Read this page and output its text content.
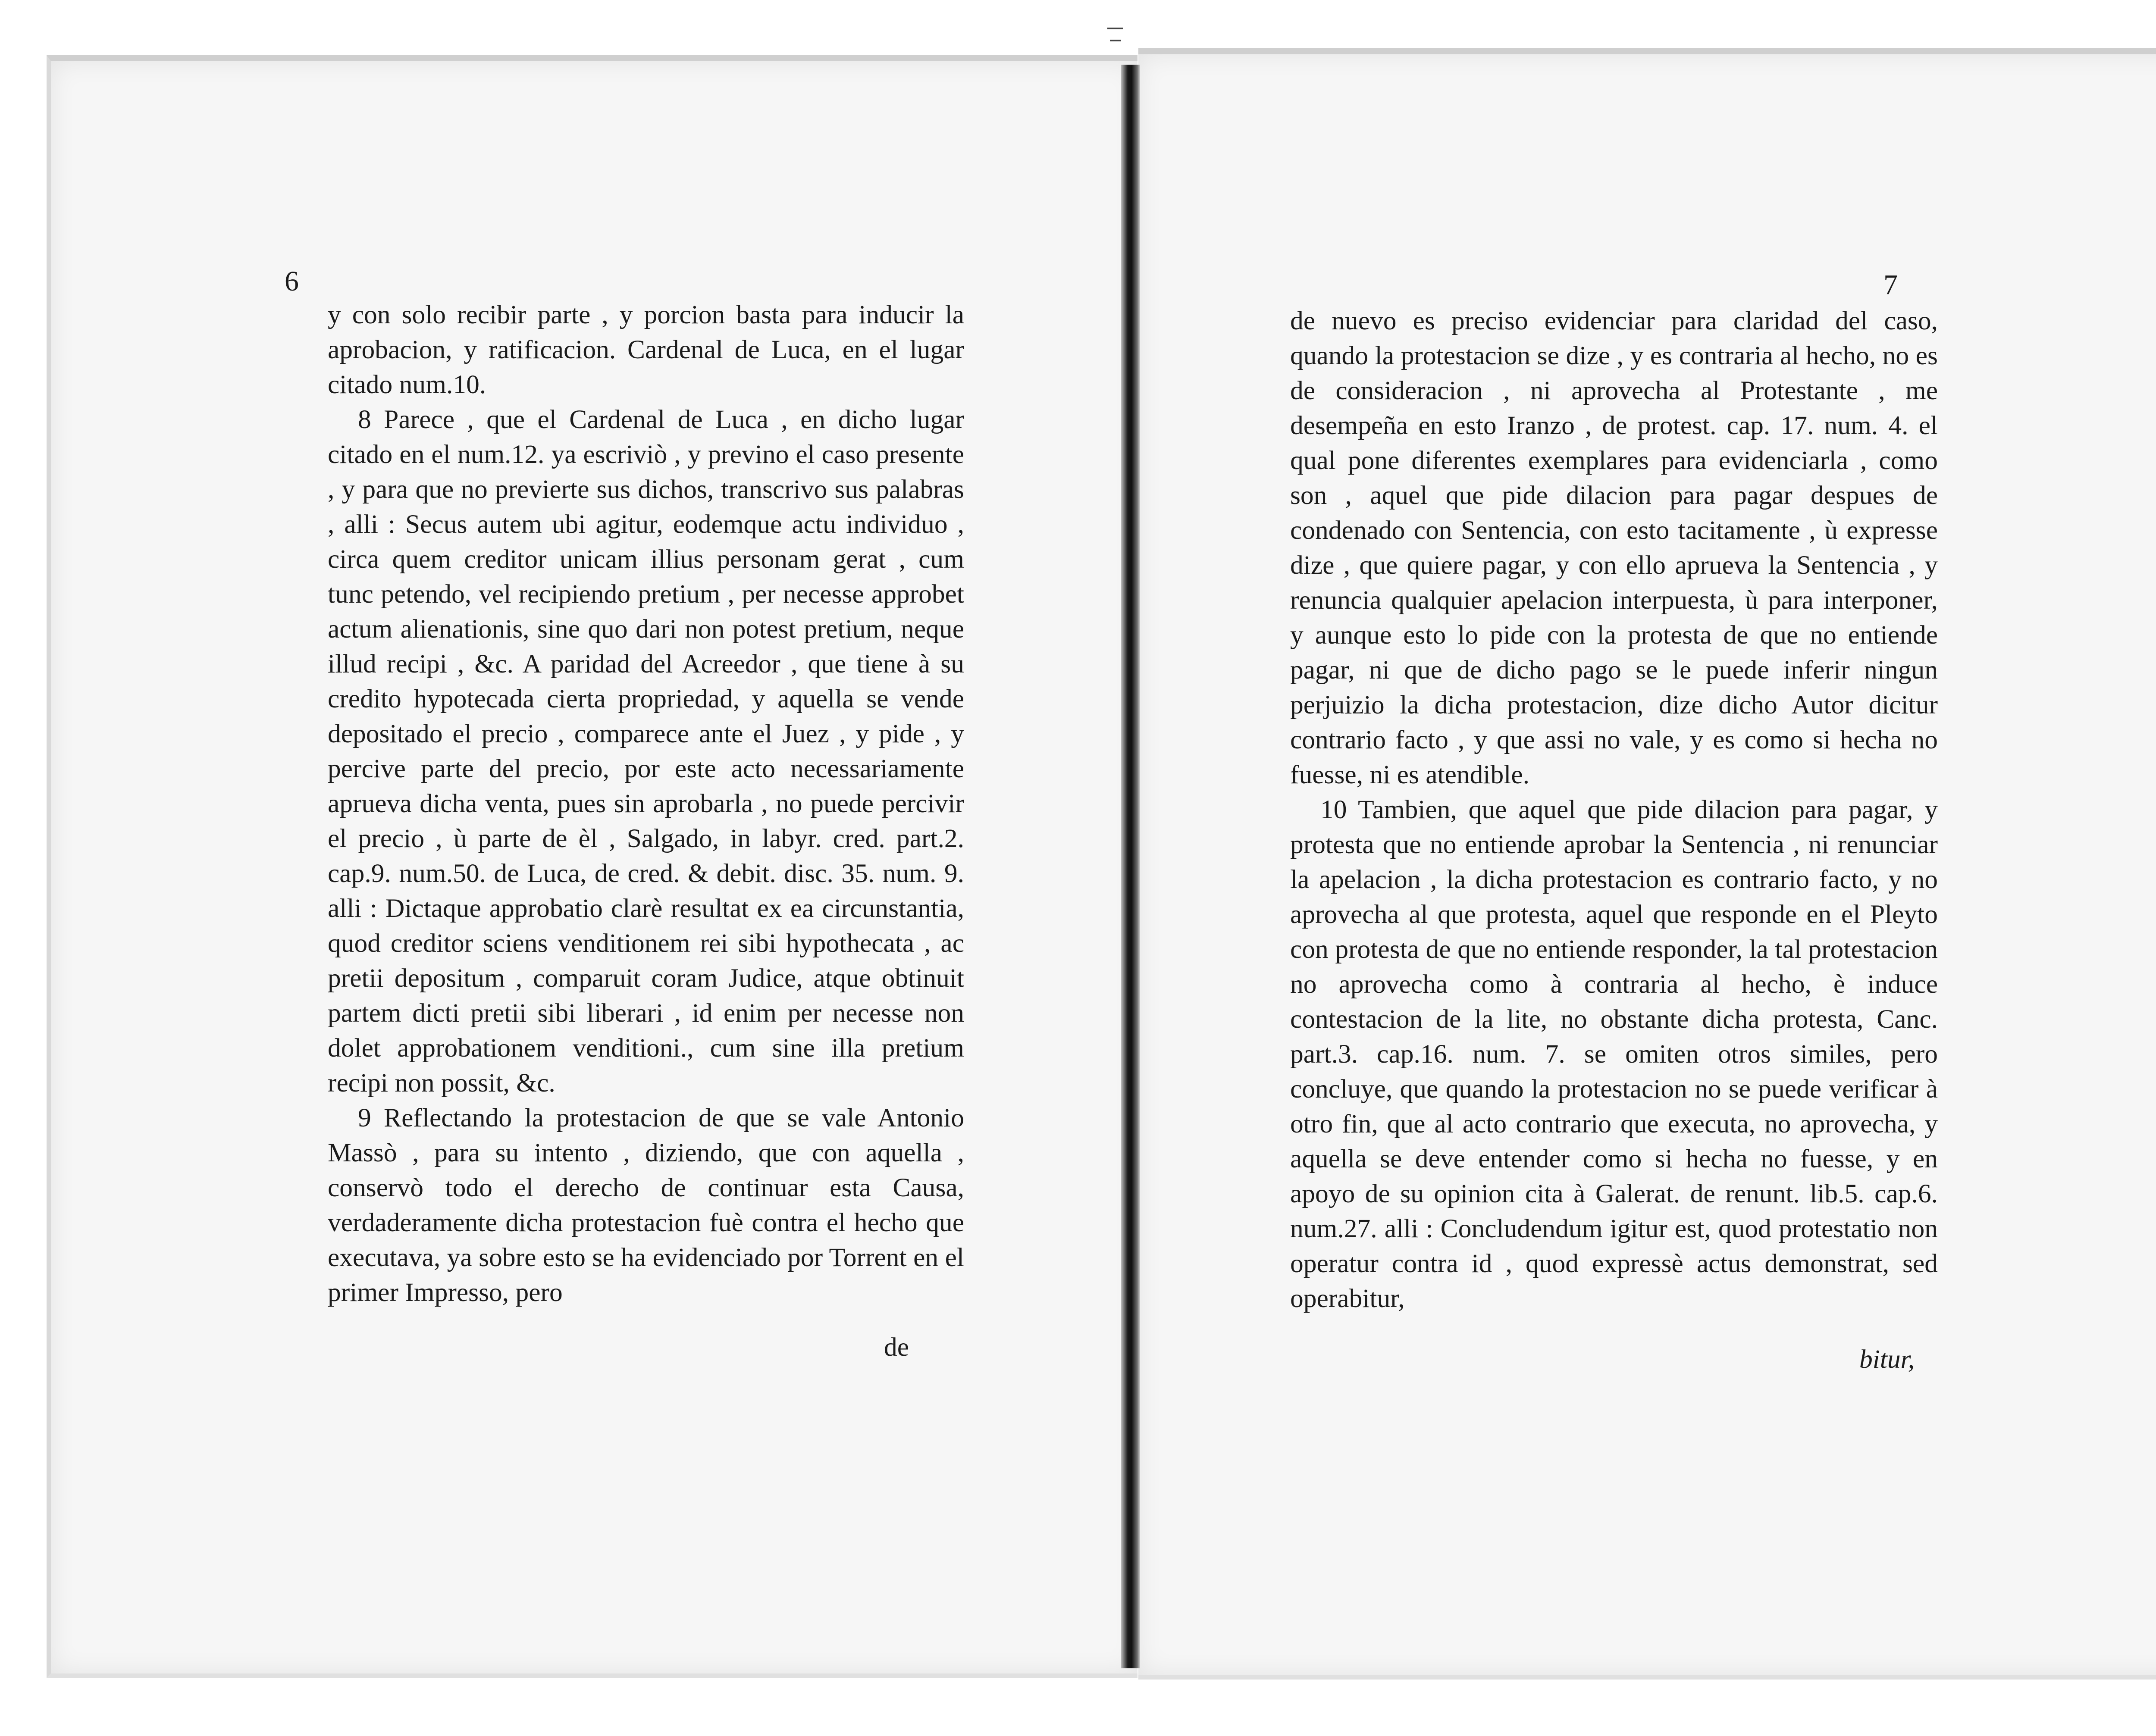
6

y con solo recibir parte , y porcion basta para inducir la aprobacion, y ratificacion. Cardenal de Luca, en el lugar citado num.10.

8 Parece , que el Cardenal de Luca , en dicho lugar citado en el num.12. ya escriviò , y previno el caso presente , y para que no previerte sus dichos, transcrivo sus palabras , alli : Secus autem ubi agitur, eodemque actu individuo , circa quem creditor unicam illius personam gerat , cum tunc petendo, vel recipiendo pretium , per necesse approbet actum alienationis, sine quo dari non potest pretium, neque illud recipi , &c. A paridad del Acreedor , que tiene à su credito hypotecada cierta propriedad, y aquella se vende depositado el precio , comparece ante el Juez , y pide , y percive parte del precio, por este acto necessariamente aprueva dicha venta, pues sin aprobarla , no puede percivir el precio , ù parte de èl , Salgado, in labyr. cred. part.2. cap.9. num.50. de Luca, de cred. & debit. disc. 35. num. 9. alli : Dictaque approbatio clarè resultat ex ea circunstantia, quod creditor sciens venditionem rei sibi hypothecata , ac pretii depositum , comparuit coram Judice, atque obtinuit partem dicti pretii sibi liberari , id enim per necesse non dolet approbationem venditioni., cum sine illa pretium recipi non possit, &c.

9 Reflectando la protestacion de que se vale Antonio Massò , para su intento , diziendo, que con aquella , conservò todo el derecho de continuar esta Causa, verdaderamente dicha protestacion fuè contra el hecho que executava, ya sobre esto se ha evidenciado por Torrent en el primer Impresso, pero

de
7

de nuevo es preciso evidenciar para claridad del caso, quando la protestacion se dize , y es contraria al hecho, no es de consideracion , ni aprovecha al Protestante , me desempeña en esto Iranzo , de protest. cap. 17. num. 4. el qual pone diferentes exemplares para evidenciarla , como son , aquel que pide dilacion para pagar despues de condenado con Sentencia, con esto tacitamente , ù expresse dize , que quiere pagar, y con ello aprueva la Sentencia , y renuncia qualquier apelacion interpuesta, ù para interponer, y aunque esto lo pide con la protesta de que no entiende pagar, ni que de dicho pago se le puede inferir ningun perjuizio la dicha protestacion, dize dicho Autor dicitur contrario facto , y que assi no vale, y es como si hecha no fuesse, ni es atendible.

10 Tambien, que aquel que pide dilacion para pagar, y protesta que no entiende aprobar la Sentencia , ni renunciar la apelacion , la dicha protestacion es contrario facto, y no aprovecha al que protesta, aquel que responde en el Pleyto con protesta de que no entiende responder, la tal protestacion no aprovecha como à contraria al hecho, è induce contestacion de la lite, no obstante dicha protesta, Canc. part.3. cap.16. num. 7. se omiten otros similes, pero concluye, que quando la protestacion no se puede verificar à otro fin, que al acto contrario que executa, no aprovecha, y aquella se deve entender como si hecha no fuesse, y en apoyo de su opinion cita à Galerat. de renunt. lib.5. cap.6. num.27. alli : Concludendum igitur est, quod protestatio non operatur contra id , quod expressè actus demonstrat, sed operabitur,

bitur,
